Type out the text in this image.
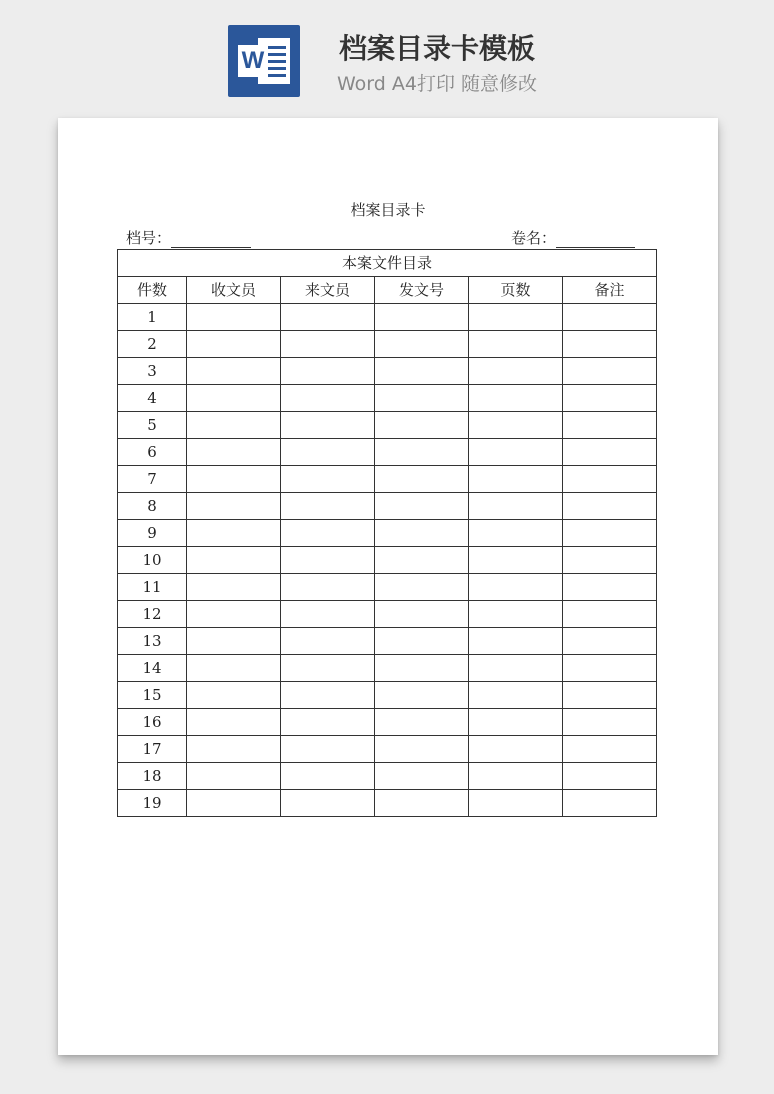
W	档案目录卡模板
Word A4打印 随意修改

档案目录卡
档号：	卷名：
本案文件目录					
件数	收文员	来文员	发文号	页数	备注
1					
2					
3					
4					
5					
6					
7					
8					
9					
10					
11					
12					
13					
14					
15					
16					
17					
18					
19					
